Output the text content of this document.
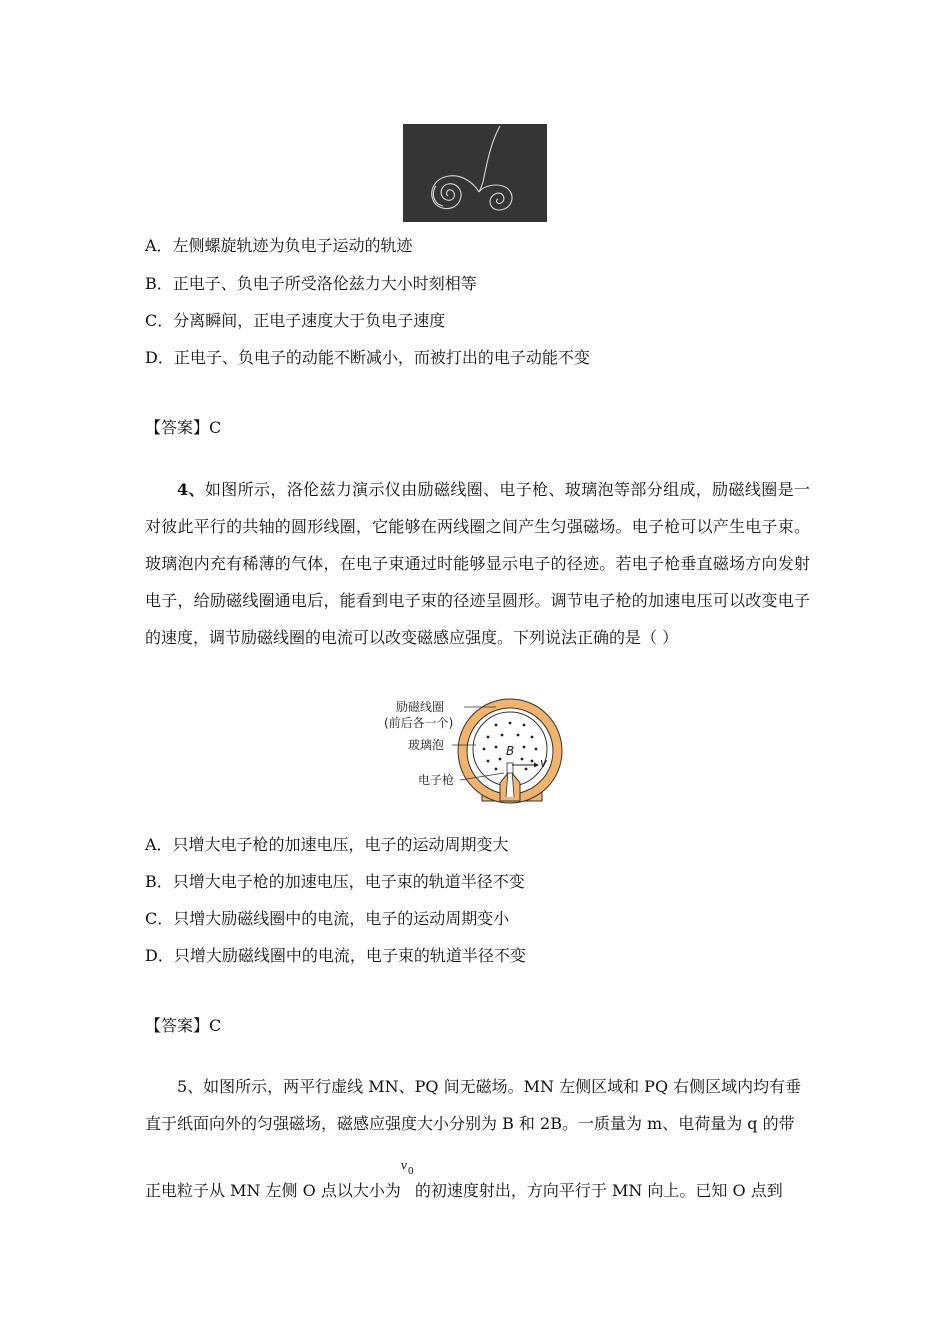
A．左侧螺旋轨迹为负电子运动的轨迹
B．正电子、负电子所受洛伦兹力大小时刻相等
C．分离瞬间，正电子速度大于负电子速度
D．正电子、负电子的动能不断减小，而被打出的电子动能不变
【答案】C
4、如图所示，洛伦兹力演示仪由励磁线圈、电子枪、玻璃泡等部分组成，励磁线圈是一对彼此平行的共轴的圆形线圈，它能够在两线圈之间产生匀强磁场。电子枪可以产生电子束。玻璃泡内充有稀薄的气体，在电子束通过时能够显示电子的径迹。若电子枪垂直磁场方向发射电子，给励磁线圈通电后，能看到电子束的径迹呈圆形。调节电子枪的加速电压可以改变电子的速度，调节励磁线圈的电流可以改变磁感应强度。下列说法正确的是（ ）
B
v
励磁线圈
(前后各一个)
玻璃泡
电子枪
A．只增大电子枪的加速电压，电子的运动周期变大
B．只增大电子枪的加速电压，电子束的轨道半径不变
C．只增大励磁线圈中的电流，电子的运动周期变小
D．只增大励磁线圈中的电流，电子束的轨道半径不变
【答案】C
5、如图所示，两平行虚线 MN、PQ 间无磁场。MN 左侧区域和 PQ 右侧区域内均有垂
直于纸面向外的匀强磁场，磁感应强度大小分别为 B 和 2B。一质量为 m、电荷量为 q 的带
正电粒子从 MN 左侧 O 点以大小为
v 0
的初速度射出，方向平行于 MN 向上。已知 O 点到
